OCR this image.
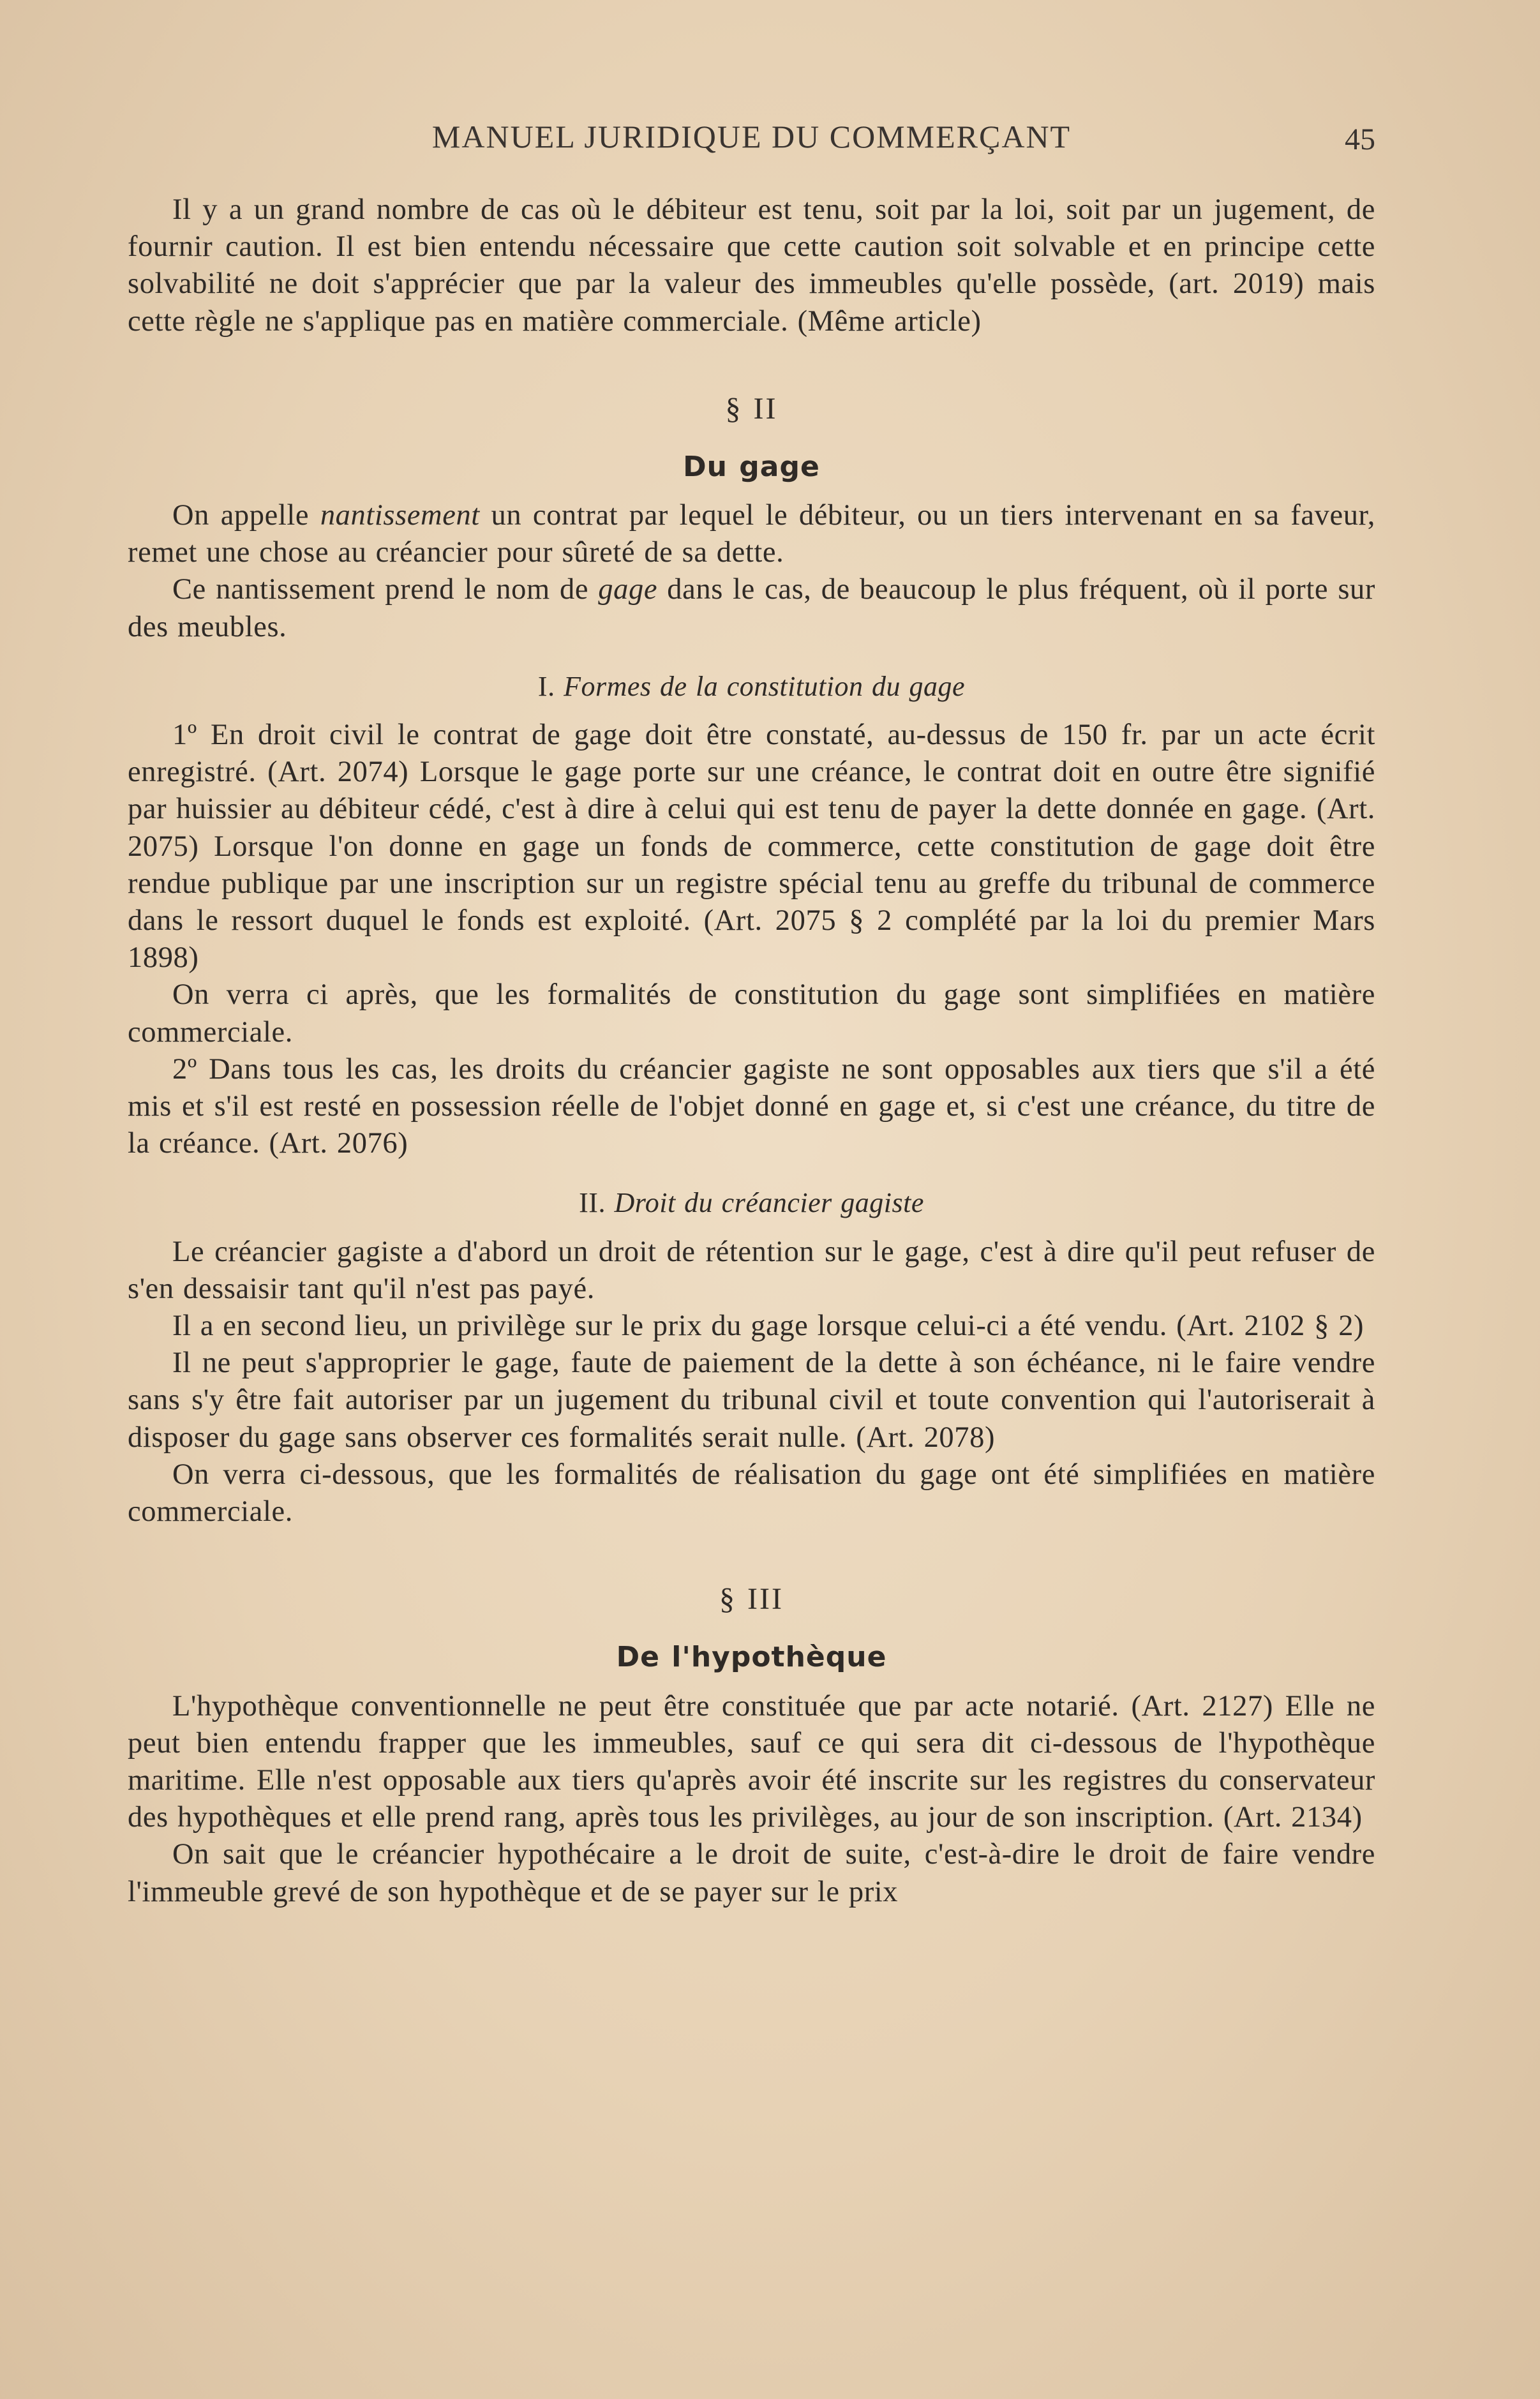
MANUEL JURIDIQUE DU COMMERÇANT	45

Il y a un grand nombre de cas où le débiteur est tenu, soit par la loi, soit par un jugement, de fournir caution. Il est bien entendu nécessaire que cette caution soit solvable et en principe cette solvabilité ne doit s'apprécier que par la valeur des immeubles qu'elle possède, (art. 2019) mais cette règle ne s'applique pas en matière commerciale. (Même article)

§ II
Du gage

On appelle nantissement un contrat par lequel le débiteur, ou un tiers intervenant en sa faveur, remet une chose au créancier pour sûreté de sa dette.

Ce nantissement prend le nom de gage dans le cas, de beaucoup le plus fréquent, où il porte sur des meubles.

I. Formes de la constitution du gage

1º En droit civil le contrat de gage doit être constaté, au-dessus de 150 fr. par un acte écrit enregistré. (Art. 2074) Lorsque le gage porte sur une créance, le contrat doit en outre être signifié par huissier au débiteur cédé, c'est à dire à celui qui est tenu de payer la dette donnée en gage. (Art. 2075) Lorsque l'on donne en gage un fonds de commerce, cette constitution de gage doit être rendue publique par une inscription sur un registre spécial tenu au greffe du tribunal de commerce dans le ressort duquel le fonds est exploité. (Art. 2075 § 2 complété par la loi du premier Mars 1898)

On verra ci après, que les formalités de constitution du gage sont simplifiées en matière commerciale.

2º Dans tous les cas, les droits du créancier gagiste ne sont opposables aux tiers que s'il a été mis et s'il est resté en possession réelle de l'objet donné en gage et, si c'est une créance, du titre de la créance. (Art. 2076)

II. Droit du créancier gagiste

Le créancier gagiste a d'abord un droit de rétention sur le gage, c'est à dire qu'il peut refuser de s'en dessaisir tant qu'il n'est pas payé.

Il a en second lieu, un privilège sur le prix du gage lorsque celui-ci a été vendu. (Art. 2102 § 2)

Il ne peut s'approprier le gage, faute de paiement de la dette à son échéance, ni le faire vendre sans s'y être fait autoriser par un jugement du tribunal civil et toute convention qui l'autoriserait à disposer du gage sans observer ces formalités serait nulle. (Art. 2078)

On verra ci-dessous, que les formalités de réalisation du gage ont été simplifiées en matière commerciale.

§ III
De l'hypothèque

L'hypothèque conventionnelle ne peut être constituée que par acte notarié. (Art. 2127) Elle ne peut bien entendu frapper que les immeubles, sauf ce qui sera dit ci-dessous de l'hypothèque maritime. Elle n'est opposable aux tiers qu'après avoir été inscrite sur les registres du conservateur des hypothèques et elle prend rang, après tous les privilèges, au jour de son inscription. (Art. 2134)

On sait que le créancier hypothécaire a le droit de suite, c'est-à-dire le droit de faire vendre l'immeuble grevé de son hypothèque et de se payer sur le prix
